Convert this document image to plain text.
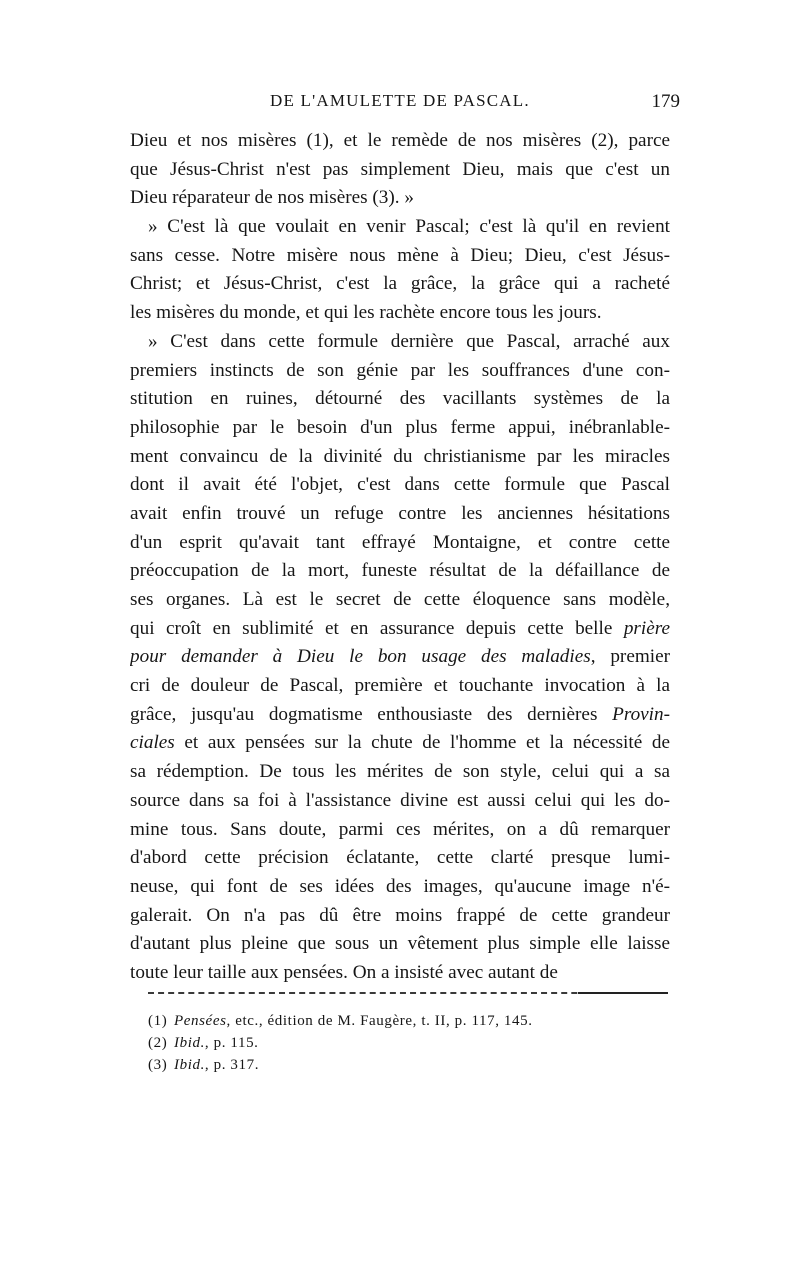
DE L'AMULETTE DE PASCAL.	179
Dieu et nos misères (1), et le remède de nos misères (2), parce
que Jésus-Christ n'est pas simplement Dieu, mais que c'est un
Dieu réparateur de nos misères (3). »
» C'est là que voulait en venir Pascal; c'est là qu'il en revient
sans cesse. Notre misère nous mène à Dieu; Dieu, c'est Jésus-
Christ; et Jésus-Christ, c'est la grâce, la grâce qui a racheté
les misères du monde, et qui les rachète encore tous les jours.
» C'est dans cette formule dernière que Pascal, arraché aux
premiers instincts de son génie par les souffrances d'une con-
stitution en ruines, détourné des vacillants systèmes de la
philosophie par le besoin d'un plus ferme appui, inébranlable-
ment convaincu de la divinité du christianisme par les miracles
dont il avait été l'objet, c'est dans cette formule que Pascal
avait enfin trouvé un refuge contre les anciennes hésitations
d'un esprit qu'avait tant effrayé Montaigne, et contre cette
préoccupation de la mort, funeste résultat de la défaillance de
ses organes. Là est le secret de cette éloquence sans modèle,
qui croît en sublimité et en assurance depuis cette belle prière
pour demander à Dieu le bon usage des maladies, premier
cri de douleur de Pascal, première et touchante invocation à la
grâce, jusqu'au dogmatisme enthousiaste des dernières Provin-
ciales et aux pensées sur la chute de l'homme et la nécessité de
sa rédemption. De tous les mérites de son style, celui qui a sa
source dans sa foi à l'assistance divine est aussi celui qui les do-
mine tous. Sans doute, parmi ces mérites, on a dû remarquer
d'abord cette précision éclatante, cette clarté presque lumi-
neuse, qui font de ses idées des images, qu'aucune image n'é-
galerait. On n'a pas dû être moins frappé de cette grandeur
d'autant plus pleine que sous un vêtement plus simple elle laisse
toute leur taille aux pensées. On a insisté avec autant de
(1) Pensées, etc., édition de M. Faugère, t. II, p. 117, 145.
(2) Ibid., p. 115.
(3) Ibid., p. 317.
